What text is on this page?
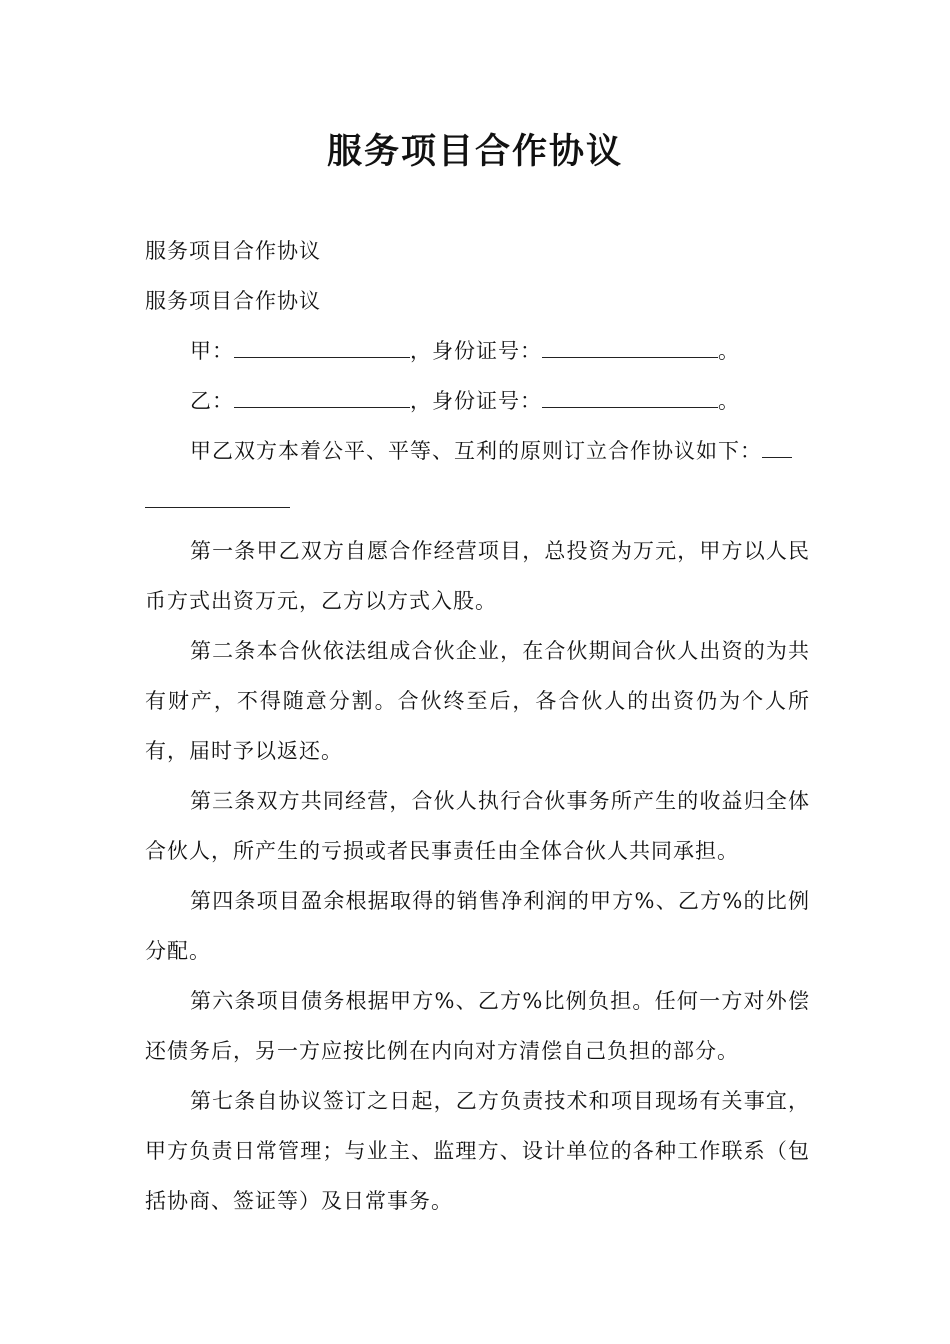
服务项目合作协议
服务项目合作协议
服务项目合作协议
甲：	，身份证号：	。
乙：	，身份证号：	。
甲乙双方本着公平、平等、互利的原则订立合作协议如下：

第一条甲乙双方自愿合作经营项目，总投资为万元，甲方以人民币方式出资万元，乙方以方式入股。

第二条本合伙依法组成合伙企业，在合伙期间合伙人出资的为共有财产，不得随意分割。合伙终至后，各合伙人的出资仍为个人所有，届时予以返还。

第三条双方共同经营，合伙人执行合伙事务所产生的收益归全体合伙人，所产生的亏损或者民事责任由全体合伙人共同承担。

第四条项目盈余根据取得的销售净利润的甲方%、乙方%的比例分配。

第六条项目债务根据甲方%、乙方%比例负担。任何一方对外偿还债务后，另一方应按比例在内向对方清偿自己负担的部分。

第七条自协议签订之日起，乙方负责技术和项目现场有关事宜，甲方负责日常管理；与业主、监理方、设计单位的各种工作联系（包括协商、签证等）及日常事务。
